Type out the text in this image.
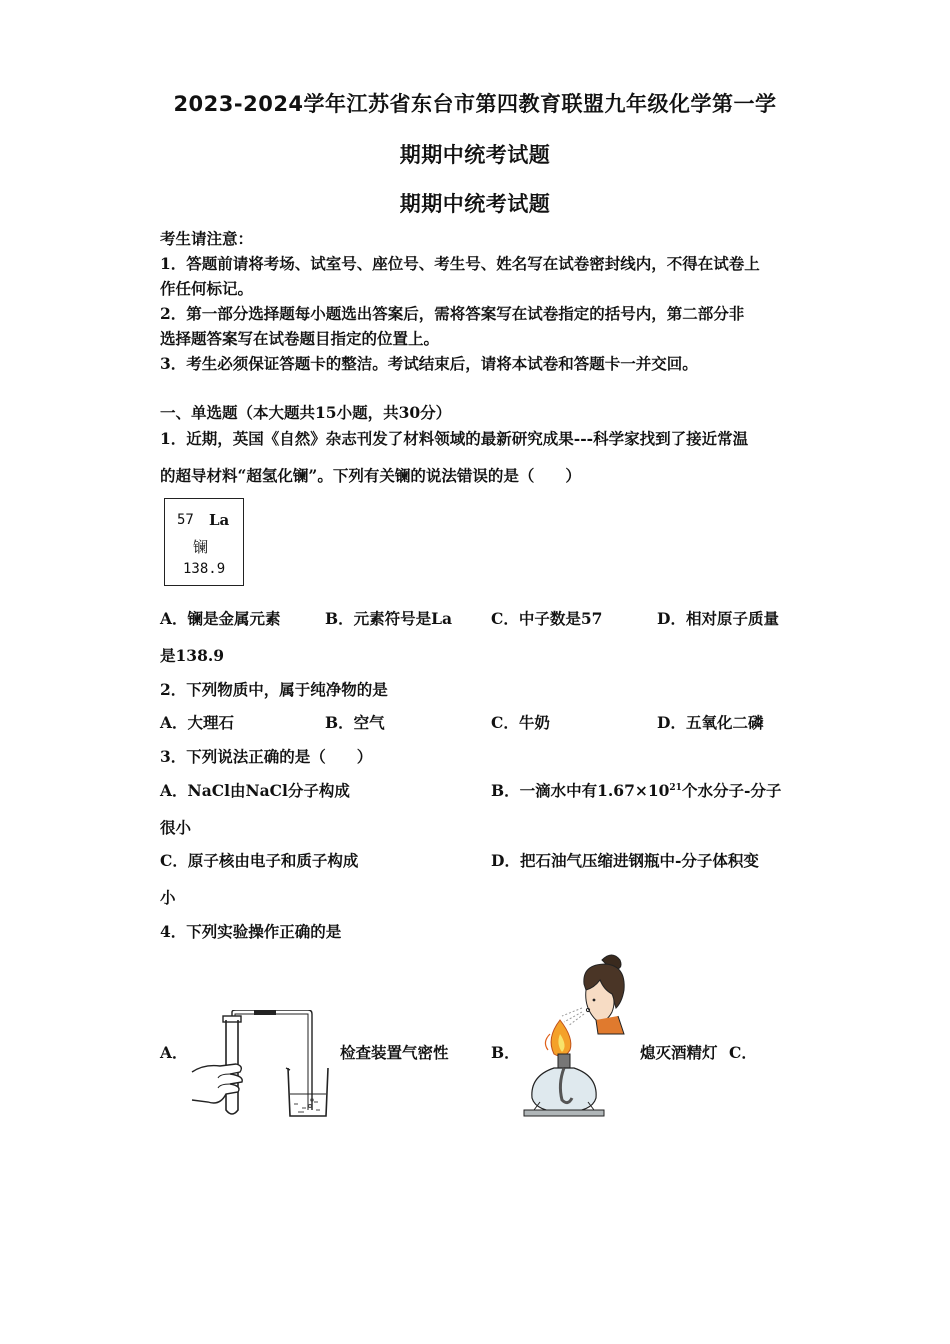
2023-2024学年江苏省东台市第四教育联盟九年级化学第一学
期期中统考试题
期期中统考试题
考生请注意：
1．答题前请将考场、试室号、座位号、考生号、姓名写在试卷密封线内，不得在试卷上
作任何标记。
2．第一部分选择题每小题选出答案后，需将答案写在试卷指定的括号内，第二部分非
选择题答案写在试卷题目指定的位置上。
3．考生必须保证答题卡的整洁。考试结束后，请将本试卷和答题卡一并交回。
一、单选题（本大题共15小题，共30分）
1．近期，英国《自然》杂志刊发了材料领域的最新研究成果---科学家找到了接近常温
的超导材料“超氢化镧”。下列有关镧的说法错误的是（　　）
57 La
镧
138.9
A．镧是金属元素	B．元素符号是La	C．中子数是57	D．相对原子质量
是138.9
2．下列物质中，属于纯净物的是
A．大理石	B．空气	C．牛奶	D．五氧化二磷
3．下列说法正确的是（　　）
A．NaCl由NaCl分子构成	B．一滴水中有$1.67\times 10^{21}$个水分子-分子
很小
C．原子核由电子和质子构成	D．把石油气压缩进钢瓶中-分子体积变
小
4．下列实验操作正确的是
A．	检查装置气密性	B．	熄灭酒精灯 C．
